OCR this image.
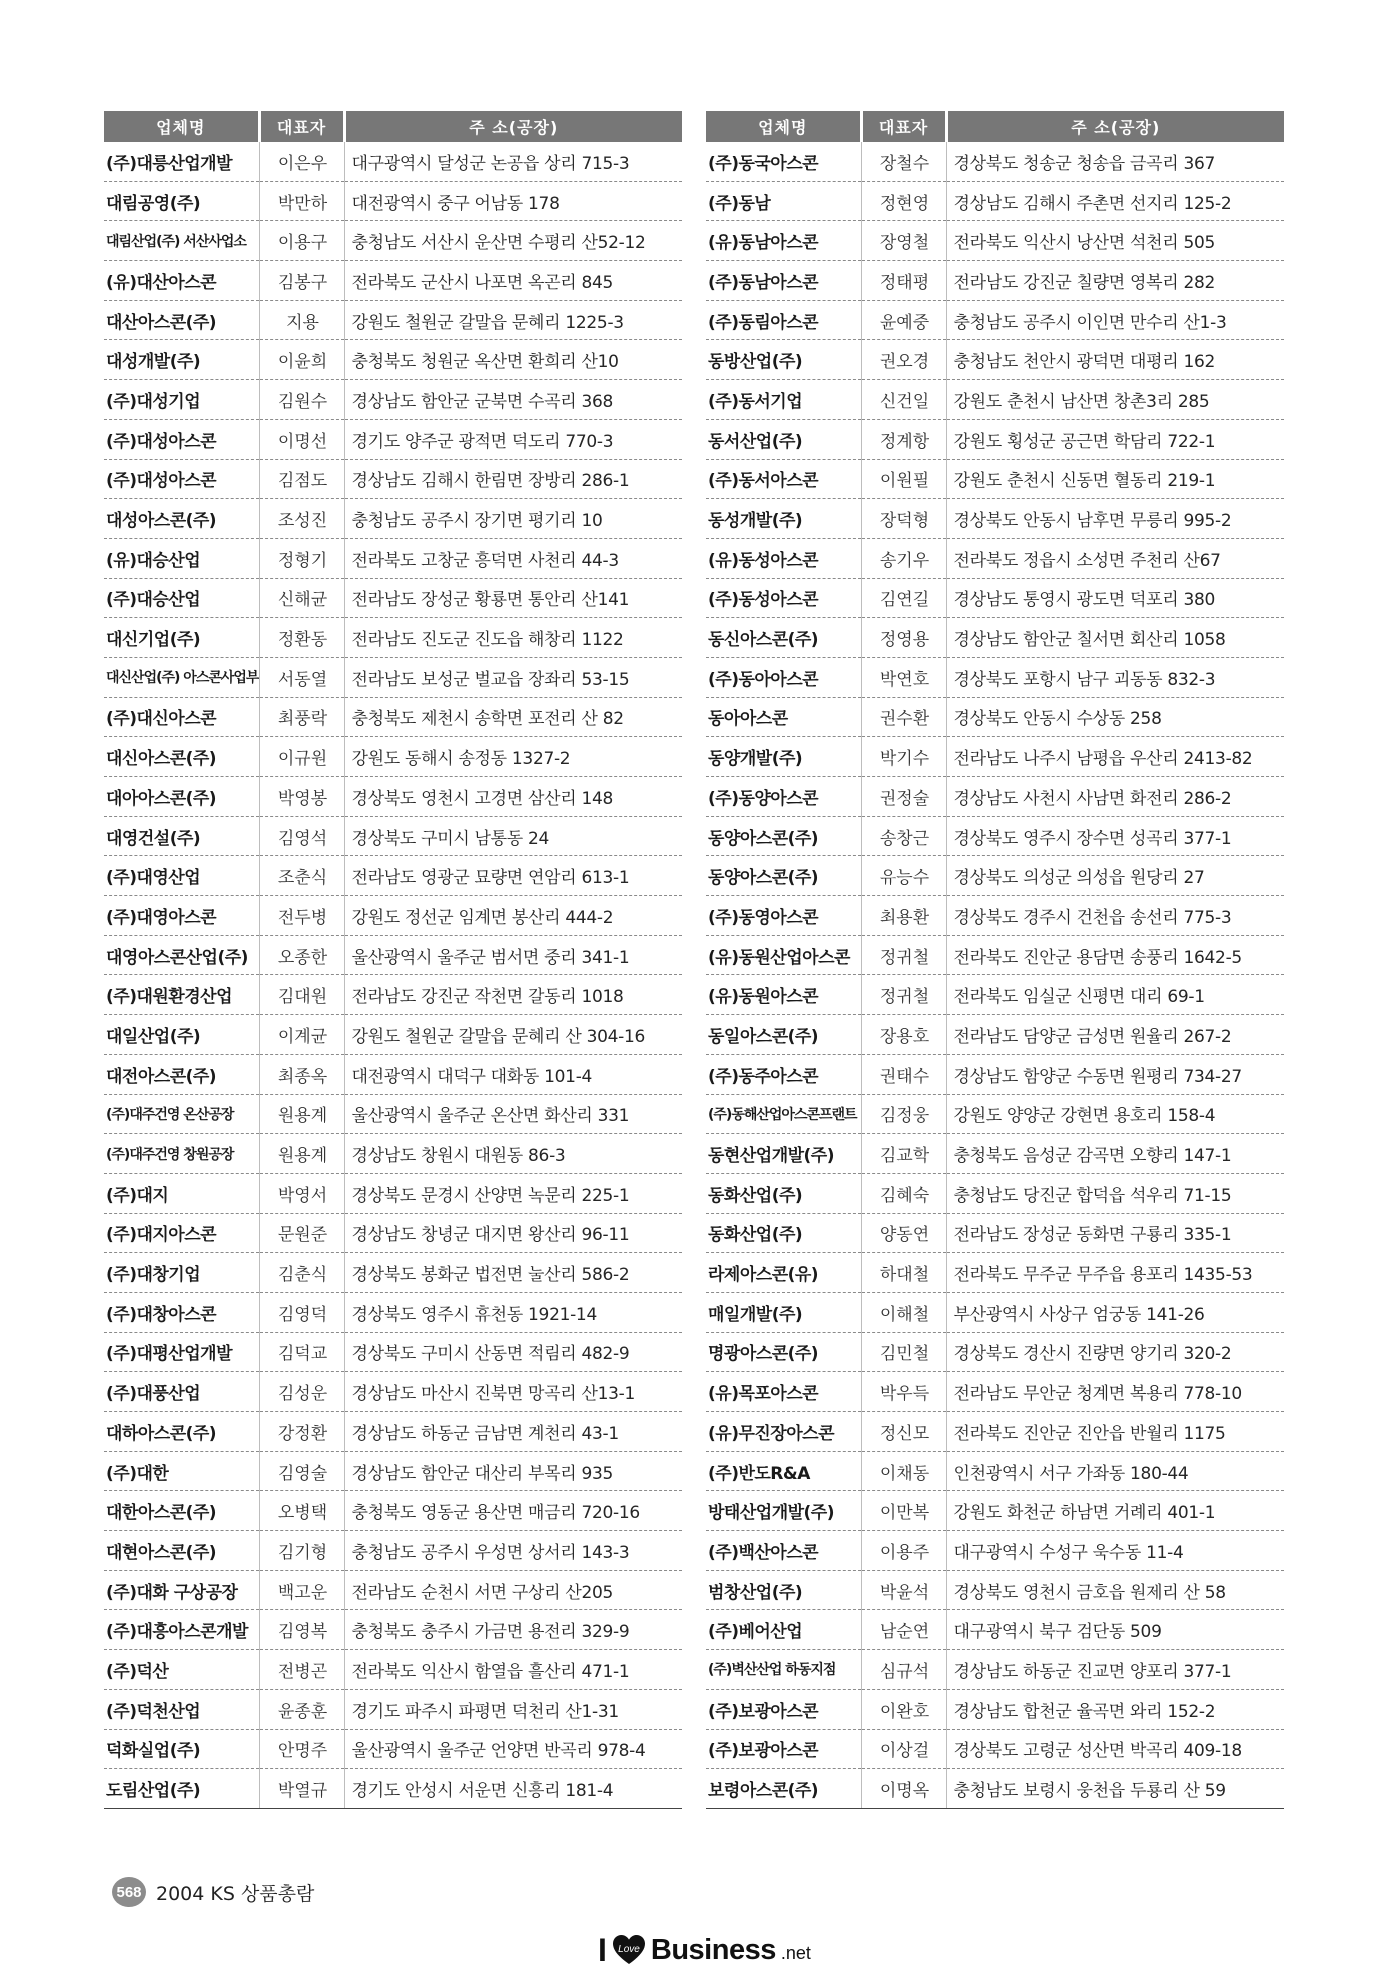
업체명	대표자	주 소(공장)
(주)대릉산업개발	이은우	대구광역시 달성군 논공읍 상리 715-3
대림공영(주)	박만하	대전광역시 중구 어남동 178
대림산업(주) 서산사업소	이용구	충청남도 서산시 운산면 수평리 산52-12
(유)대산아스콘	김봉구	전라북도 군산시 나포면 옥곤리 845
대산아스콘(주)	지용	강원도 철원군 갈말읍 문혜리 1225-3
대성개발(주)	이윤희	충청북도 청원군 옥산면 환희리 산10
(주)대성기업	김원수	경상남도 함안군 군북면 수곡리 368
(주)대성아스콘	이명선	경기도 양주군 광적면 덕도리 770-3
(주)대성아스콘	김점도	경상남도 김해시 한림면 장방리 286-1
대성아스콘(주)	조성진	충청남도 공주시 장기면 평기리 10
(유)대승산업	정형기	전라북도 고창군 흥덕면 사천리 44-3
(주)대승산업	신해균	전라남도 장성군 황룡면 통안리 산141
대신기업(주)	정환동	전라남도 진도군 진도읍 해창리 1122
대신산업(주) 아스콘사업부	서동열	전라남도 보성군 벌교읍 장좌리 53-15
(주)대신아스콘	최풍락	충청북도 제천시 송학면 포전리 산 82
대신아스콘(주)	이규원	강원도 동해시 송정동 1327-2
대아아스콘(주)	박영봉	경상북도 영천시 고경면 삼산리 148
대영건설(주)	김영석	경상북도 구미시 남통동 24
(주)대영산업	조춘식	전라남도 영광군 묘량면 연암리 613-1
(주)대영아스콘	전두병	강원도 정선군 임계면 봉산리 444-2
대영아스콘산업(주)	오종한	울산광역시 울주군 범서면 중리 341-1
(주)대원환경산업	김대원	전라남도 강진군 작천면 갈동리 1018
대일산업(주)	이계균	강원도 철원군 갈말읍 문혜리 산 304-16
대전아스콘(주)	최종옥	대전광역시 대덕구 대화동 101-4
(주)대주건영 온산공장	원용계	울산광역시 울주군 온산면 화산리 331
(주)대주건영 창원공장	원용계	경상남도 창원시 대원동 86-3
(주)대지	박영서	경상북도 문경시 산양면 녹문리 225-1
(주)대지아스콘	문원준	경상남도 창녕군 대지면 왕산리 96-11
(주)대창기업	김춘식	경상북도 봉화군 법전면 눌산리 586-2
(주)대창아스콘	김영덕	경상북도 영주시 휴천동 1921-14
(주)대평산업개발	김덕교	경상북도 구미시 산동면 적림리 482-9
(주)대풍산업	김성운	경상남도 마산시 진북면 망곡리 산13-1
대하아스콘(주)	강정환	경상남도 하동군 금남면 계천리 43-1
(주)대한	김영술	경상남도 함안군 대산리 부목리 935
대한아스콘(주)	오병택	충청북도 영동군 용산면 매금리 720-16
대현아스콘(주)	김기형	충청남도 공주시 우성면 상서리 143-3
(주)대화 구상공장	백고운	전라남도 순천시 서면 구상리 산205
(주)대흥아스콘개발	김영복	충청북도 충주시 가금면 용전리 329-9
(주)덕산	전병곤	전라북도 익산시 함열읍 흘산리 471-1
(주)덕천산업	윤종훈	경기도 파주시 파평면 덕천리 산1-31
덕화실업(주)	안명주	울산광역시 울주군 언양면 반곡리 978-4
도림산업(주)	박열규	경기도 안성시 서운면 신흥리 181-4
업체명	대표자	주 소(공장)
(주)동국아스콘	장철수	경상북도 청송군 청송읍 금곡리 367
(주)동남	정현영	경상남도 김해시 주촌면 선지리 125-2
(유)동남아스콘	장영철	전라북도 익산시 낭산면 석천리 505
(주)동남아스콘	정태평	전라남도 강진군 칠량면 영복리 282
(주)동림아스콘	윤예중	충청남도 공주시 이인면 만수리 산1-3
동방산업(주)	권오경	충청남도 천안시 광덕면 대평리 162
(주)동서기업	신건일	강원도 춘천시 남산면 창촌3리 285
동서산업(주)	정계항	강원도 횡성군 공근면 학담리 722-1
(주)동서아스콘	이원필	강원도 춘천시 신동면 혈동리 219-1
동성개발(주)	장덕형	경상북도 안동시 남후면 무릉리 995-2
(유)동성아스콘	송기우	전라북도 정읍시 소성면 주천리 산67
(주)동성아스콘	김연길	경상남도 통영시 광도면 덕포리 380
동신아스콘(주)	정영용	경상남도 함안군 칠서면 회산리 1058
(주)동아아스콘	박연호	경상북도 포항시 남구 괴동동 832-3
동아아스콘	권수환	경상북도 안동시 수상동 258
동양개발(주)	박기수	전라남도 나주시 남평읍 우산리 2413-82
(주)동양아스콘	권정술	경상남도 사천시 사남면 화전리 286-2
동양아스콘(주)	송창근	경상북도 영주시 장수면 성곡리 377-1
동양아스콘(주)	유능수	경상북도 의성군 의성읍 원당리 27
(주)동영아스콘	최용환	경상북도 경주시 건천읍 송선리 775-3
(유)동원산업아스콘	정귀철	전라북도 진안군 용담면 송풍리 1642-5
(유)동원아스콘	정귀철	전라북도 임실군 신평면 대리 69-1
동일아스콘(주)	장용호	전라남도 담양군 금성면 원율리 267-2
(주)동주아스콘	권태수	경상남도 함양군 수동면 원평리 734-27
(주)동해산업아스콘프랜트	김정웅	강원도 양양군 강현면 용호리 158-4
동현산업개발(주)	김교학	충청북도 음성군 감곡면 오향리 147-1
동화산업(주)	김혜숙	충청남도 당진군 합덕읍 석우리 71-15
동화산업(주)	양동연	전라남도 장성군 동화면 구룡리 335-1
라제아스콘(유)	하대철	전라북도 무주군 무주읍 용포리 1435-53
매일개발(주)	이해철	부산광역시 사상구 엄궁동 141-26
명광아스콘(주)	김민철	경상북도 경산시 진량면 양기리 320-2
(유)목포아스콘	박우득	전라남도 무안군 청계면 복용리 778-10
(유)무진장아스콘	정신모	전라북도 진안군 진안읍 반월리 1175
(주)반도R&A	이채동	인천광역시 서구 가좌동 180-44
방태산업개발(주)	이만복	강원도 화천군 하남면 거례리 401-1
(주)백산아스콘	이용주	대구광역시 수성구 욱수동 11-4
범창산업(주)	박윤석	경상북도 영천시 금호읍 원제리 산 58
(주)베어산업	남순연	대구광역시 북구 검단동 509
(주)벽산산업 하동지점	심규석	경상남도 하동군 진교면 양포리 377-1
(주)보광아스콘	이완호	경상남도 합천군 율곡면 와리 152-2
(주)보광아스콘	이상걸	경상북도 고령군 성산면 박곡리 409-18
보령아스콘(주)	이명옥	충청남도 보령시 웅천읍 두룡리 산 59
568 2004 KS 상품총람
I Love Business .net
